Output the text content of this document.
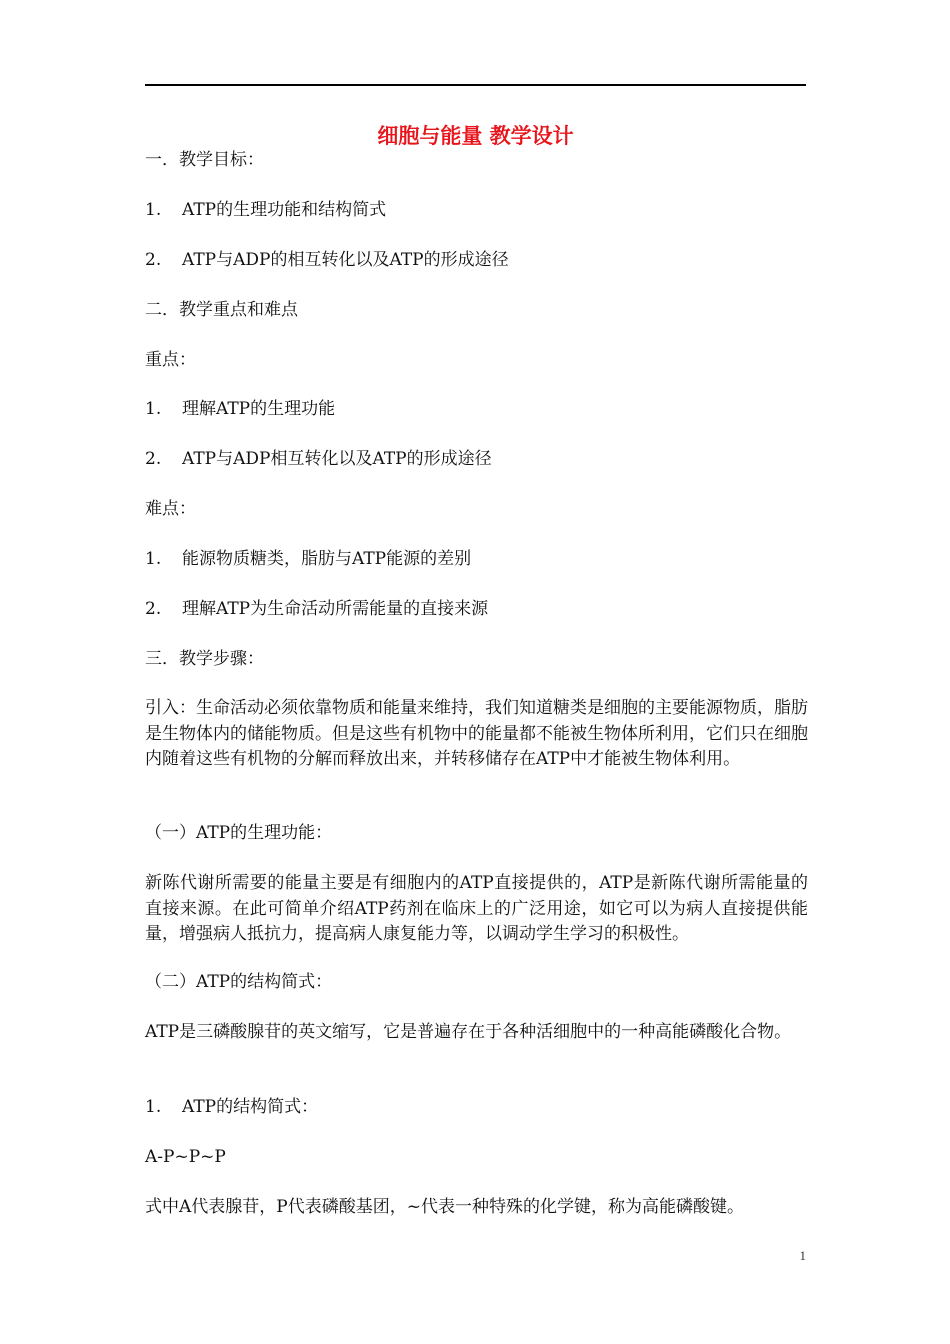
细胞与能量 教学设计
一．教学目标：
1. ATP的生理功能和结构简式
2. ATP与ADP的相互转化以及ATP的形成途径
二．教学重点和难点
重点：
1. 理解ATP的生理功能
2. ATP与ADP相互转化以及ATP的形成途径
难点：
1. 能源物质糖类，脂肪与ATP能源的差别
2. 理解ATP为生命活动所需能量的直接来源
三．教学步骤：
引入：生命活动必须依靠物质和能量来维持，我们知道糖类是细胞的主要能源物质，脂肪是生物体内的储能物质。但是这些有机物中的能量都不能被生物体所利用，它们只在细胞内随着这些有机物的分解而释放出来，并转移储存在ATP中才能被生物体利用。
（一）ATP的生理功能：
新陈代谢所需要的能量主要是有细胞内的ATP直接提供的，ATP是新陈代谢所需能量的直接来源。在此可简单介绍ATP药剂在临床上的广泛用途，如它可以为病人直接提供能量，增强病人抵抗力，提高病人康复能力等，以调动学生学习的积极性。
（二）ATP的结构简式：
ATP是三磷酸腺苷的英文缩写，它是普遍存在于各种活细胞中的一种高能磷酸化合物。
1. ATP的结构简式：
A-P~P~P
式中A代表腺苷，P代表磷酸基团，~代表一种特殊的化学键，称为高能磷酸键。
1
